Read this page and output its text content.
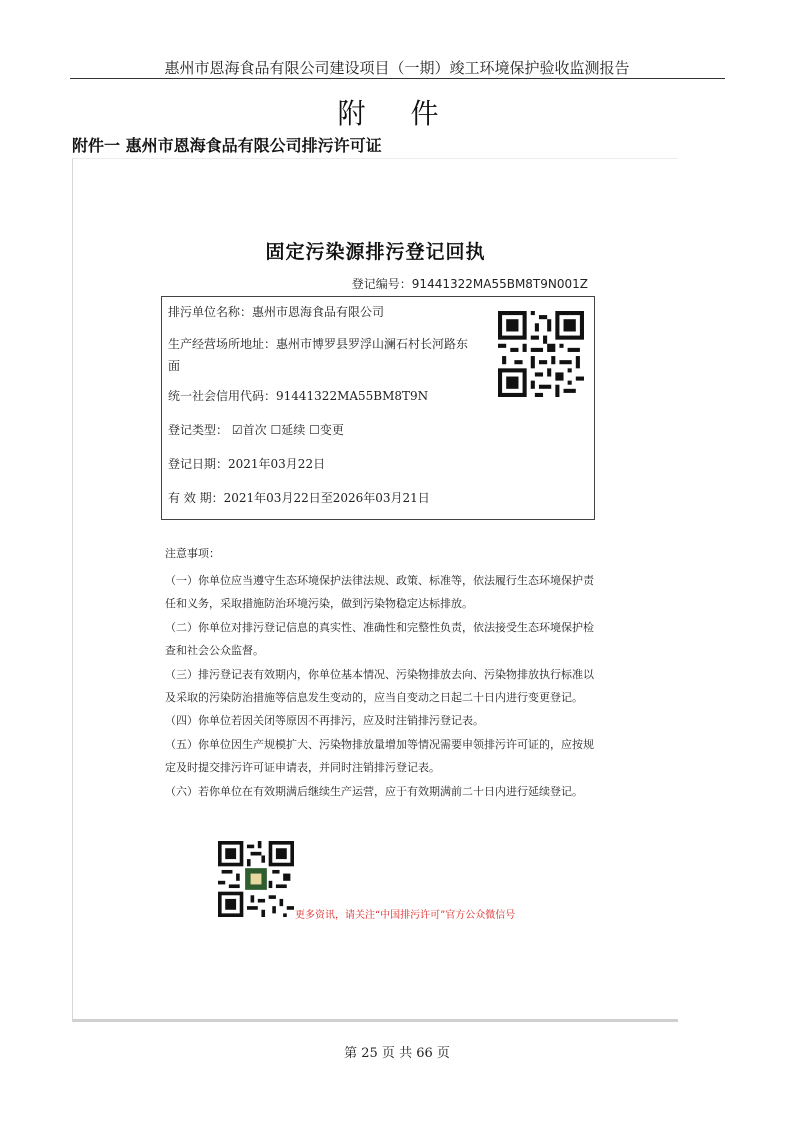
惠州市恩海食品有限公司建设项目（一期）竣工环境保护验收监测报告
附 件
附件一 惠州市恩海食品有限公司排污许可证
固定污染源排污登记回执
登记编号：91441322MA55BM8T9N001Z
排污单位名称：惠州市恩海食品有限公司
生产经营场所地址：惠州市博罗县罗浮山澜石村长河路东
面
统一社会信用代码：91441322MA55BM8T9N
登记类型： ☑首次 ☐延续 ☐变更
登记日期：2021年03月22日
有 效 期：2021年03月22日至2026年03月21日
注意事项：
（一）你单位应当遵守生态环境保护法律法规、政策、标准等，依法履行生态环境保护责
任和义务，采取措施防治环境污染，做到污染物稳定达标排放。
（二）你单位对排污登记信息的真实性、准确性和完整性负责，依法接受生态环境保护检
查和社会公众监督。
（三）排污登记表有效期内，你单位基本情况、污染物排放去向、污染物排放执行标准以
及采取的污染防治措施等信息发生变动的，应当自变动之日起二十日内进行变更登记。
（四）你单位若因关闭等原因不再排污，应及时注销排污登记表。
（五）你单位因生产规模扩大、污染物排放量增加等情况需要申领排污许可证的，应按规
定及时提交排污许可证申请表，并同时注销排污登记表。
（六）若你单位在有效期满后继续生产运营，应于有效期满前二十日内进行延续登记。
更多资讯，请关注“中国排污许可”官方公众微信号
第 25 页 共 66 页
